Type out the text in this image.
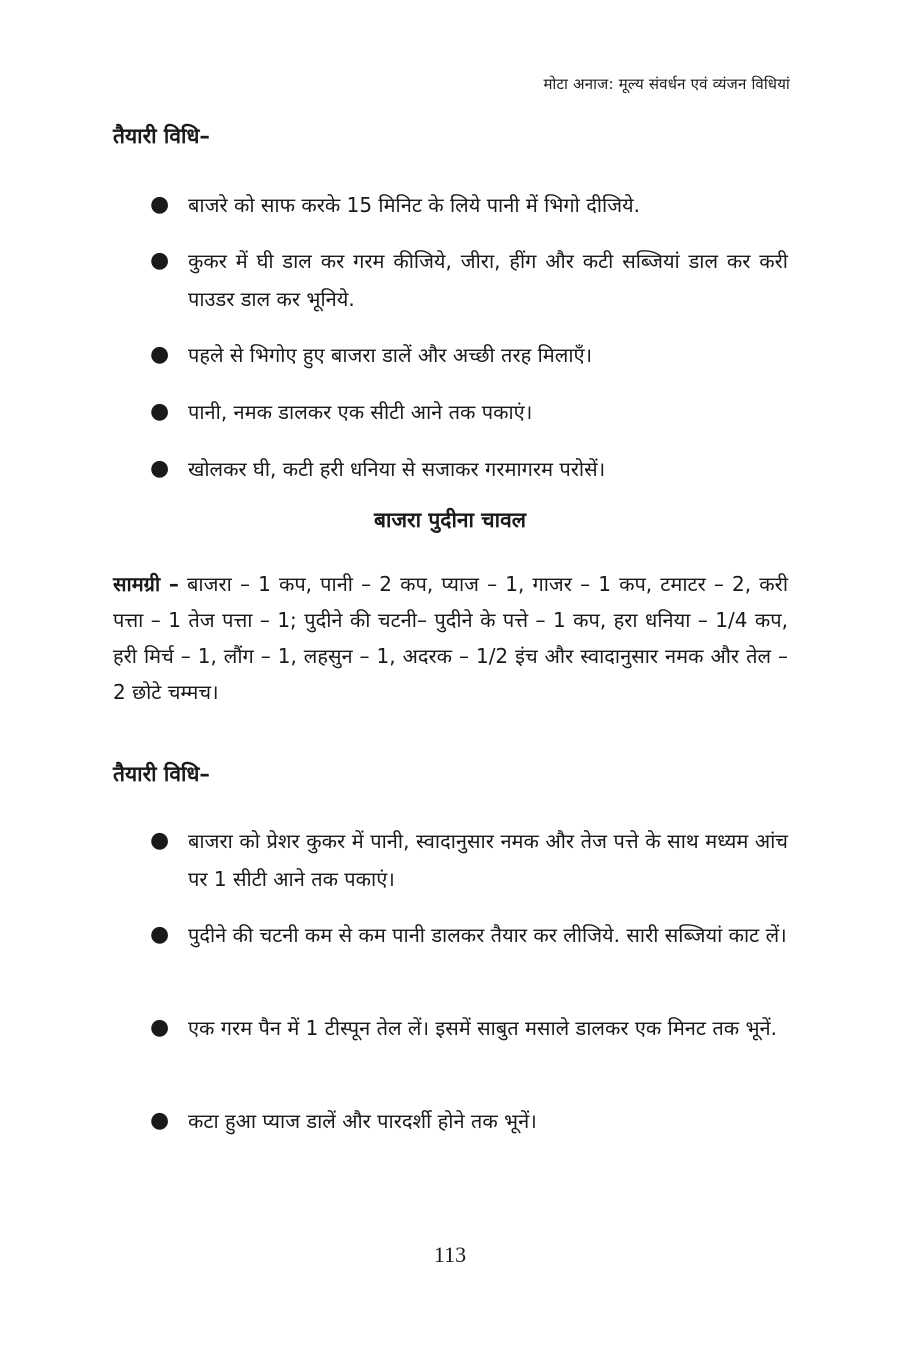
मोटा अनाज: मूल्य संवर्धन एवं व्यंजन विधियां
तैयारी विधि–
● बाजरे को साफ करके 15 मिनिट के लिये पानी में भिगो दीजिये.
● कुकर में घी डाल कर गरम कीजिये, जीरा, हींग और कटी सब्जियां डाल कर करी पाउडर डाल कर भूनिये.
● पहले से भिगोए हुए बाजरा डालें और अच्छी तरह मिलाएँ।
● पानी, नमक डालकर एक सीटी आने तक पकाएं।
● खोलकर घी, कटी हरी धनिया से सजाकर गरमागरम परोसें।
बाजरा पुदीना चावल

सामग्री – बाजरा – 1 कप, पानी – 2 कप, प्याज – 1, गाजर – 1 कप, टमाटर – 2, करी पत्ता – 1 तेज पत्ता – 1; पुदीने की चटनी– पुदीने के पत्ते – 1 कप, हरा धनिया – 1/4 कप, हरी मिर्च – 1, लौंग – 1, लहसुन – 1, अदरक – 1/2 इंच और स्वादानुसार नमक और तेल – 2 छोटे चम्मच।

तैयारी विधि–
● बाजरा को प्रेशर कुकर में पानी, स्वादानुसार नमक और तेज पत्ते के साथ मध्यम आंच पर 1 सीटी आने तक पकाएं।
● पुदीने की चटनी कम से कम पानी डालकर तैयार कर लीजिये. सारी सब्जियां काट लें।
● एक गरम पैन में 1 टीस्पून तेल लें। इसमें साबुत मसाले डालकर एक मिनट तक भूनें.
● कटा हुआ प्याज डालें और पारदर्शी होने तक भूनें।
113
